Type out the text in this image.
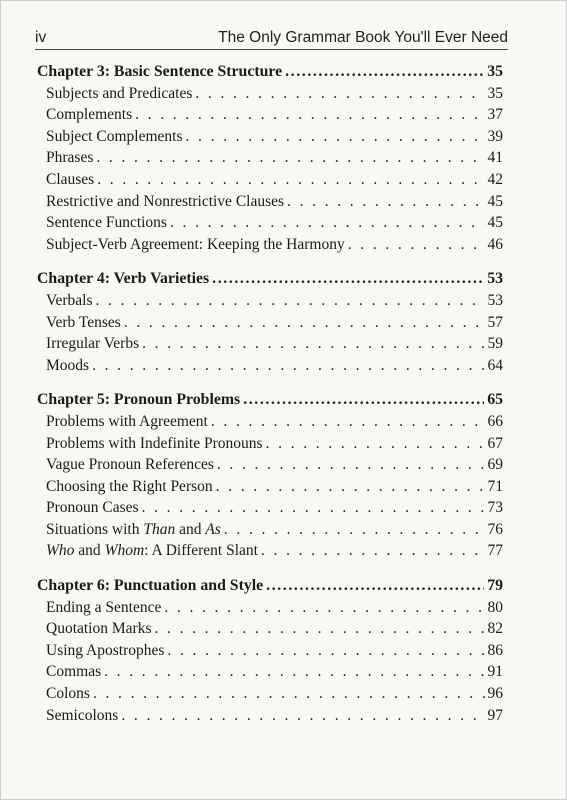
iv	The Only Grammar Book You'll Ever Need
Chapter 3: Basic Sentence Structure .....	35
Subjects and Predicates . . .	35
Complements . . .	37
Subject Complements . . .	39
Phrases . . .	41
Clauses . . .	42
Restrictive and Nonrestrictive Clauses . . .	45
Sentence Functions . . .	45
Subject-Verb Agreement: Keeping the Harmony . . .	46
Chapter 4: Verb Varieties .....	53
Verbals . . .	53
Verb Tenses . . .	57
Irregular Verbs . . .	59
Moods . . .	64
Chapter 5: Pronoun Problems .....	65
Problems with Agreement . . .	66
Problems with Indefinite Pronouns . . .	67
Vague Pronoun References . . .	69
Choosing the Right Person . . .	71
Pronoun Cases . . .	73
Situations with Than and As . . .	76
Who and Whom: A Different Slant . . .	77
Chapter 6: Punctuation and Style .....	79
Ending a Sentence . . .	80
Quotation Marks . . .	82
Using Apostrophes . . .	86
Commas . . .	91
Colons . . .	96
Semicolons . . .	97
